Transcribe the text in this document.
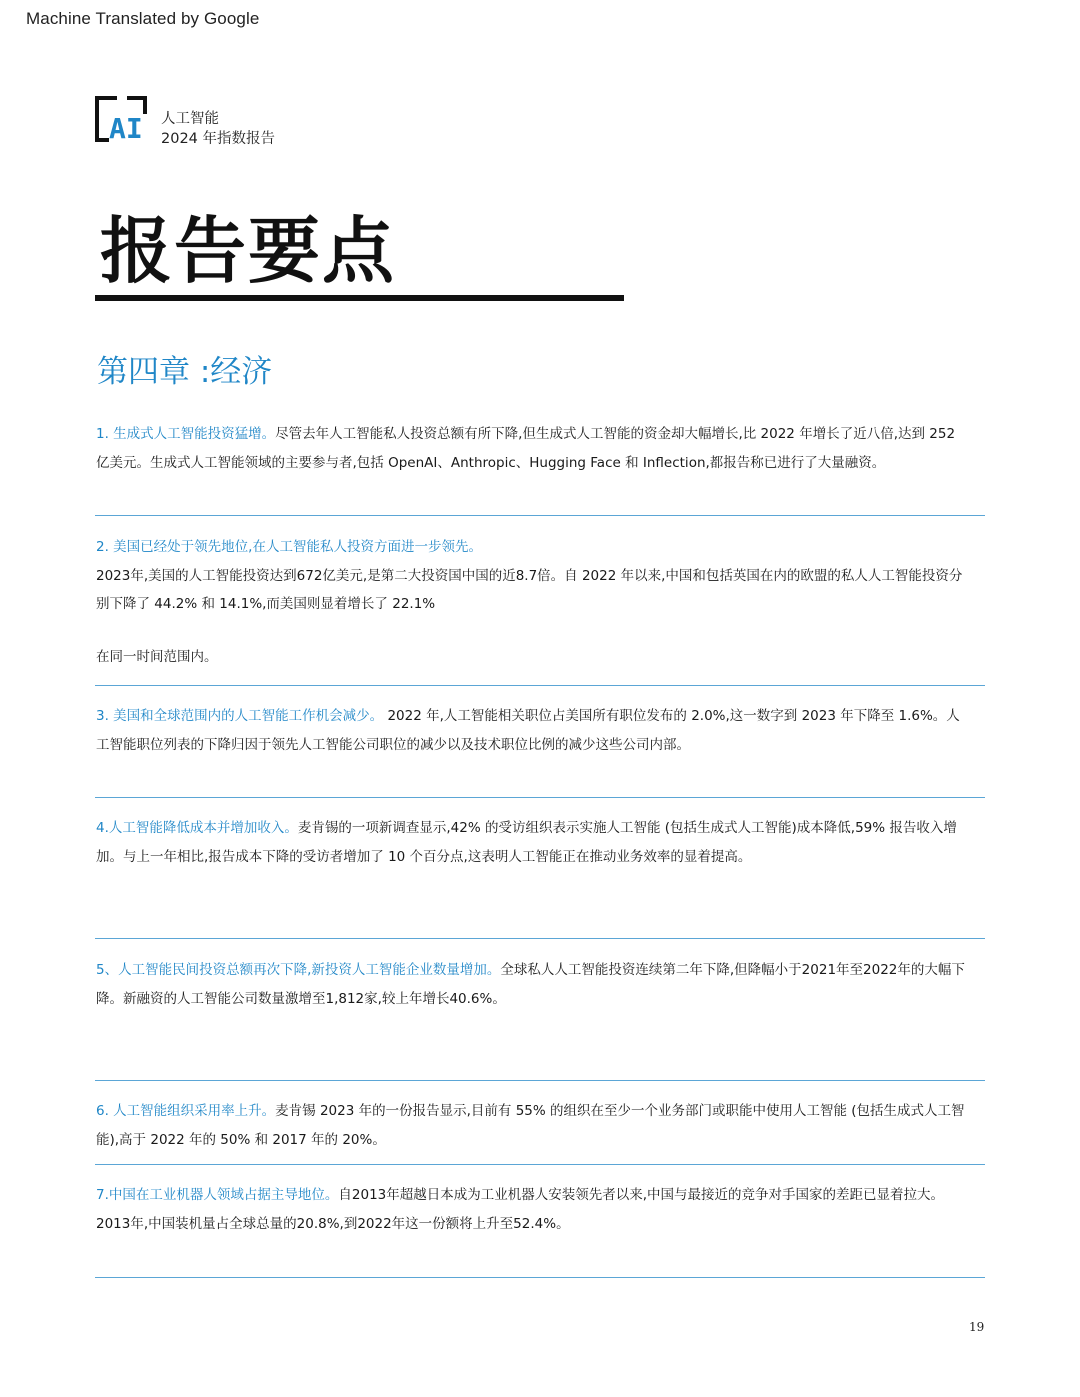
Machine Translated by Google
AI 人工智能
2024 年指数报告
报告要点
第四章 :经济
1. 生成式人工智能投资猛增。尽管去年人工智能私人投资总额有所下降,但生成式人工智能的资金却大幅增长,比 2022 年增长了近八倍,达到 252 亿美元。生成式人工智能领域的主要参与者,包括 OpenAI、Anthropic、Hugging Face 和 Inflection,都报告称已进行了大量融资。
2. 美国已经处于领先地位,在人工智能私人投资方面进一步领先。
2023年,美国的人工智能投资达到672亿美元,是第二大投资国中国的近8.7倍。自 2022 年以来,中国和包括英国在内的欧盟的私人人工智能投资分别下降了 44.2% 和 14.1%,而美国则显着增长了 22.1%
在同一时间范围内。
3. 美国和全球范围内的人工智能工作机会减少。 2022 年,人工智能相关职位占美国所有职位发布的 2.0%,这一数字到 2023 年下降至 1.6%。人工智能职位列表的下降归因于领先人工智能公司职位的减少以及技术职位比例的减少这些公司内部。
4.人工智能降低成本并增加收入。麦肯锡的一项新调查显示,42% 的受访组织表示实施人工智能 (包括生成式人工智能)成本降低,59% 报告收入增加。与上一年相比,报告成本下降的受访者增加了 10 个百分点,这表明人工智能正在推动业务效率的显着提高。
5、人工智能民间投资总额再次下降,新投资人工智能企业数量增加。全球私人人工智能投资连续第二年下降,但降幅小于2021年至2022年的大幅下降。新融资的人工智能公司数量激增至1,812家,较上年增长40.6%。
6. 人工智能组织采用率上升。麦肯锡 2023 年的一份报告显示,目前有 55% 的组织在至少一个业务部门或职能中使用人工智能 (包括生成式人工智能),高于 2022 年的 50% 和 2017 年的 20%。
7.中国在工业机器人领域占据主导地位。自2013年超越日本成为工业机器人安装领先者以来,中国与最接近的竞争对手国家的差距已显着拉大。 2013年,中国装机量占全球总量的20.8%,到2022年这一份额将上升至52.4%。
19
